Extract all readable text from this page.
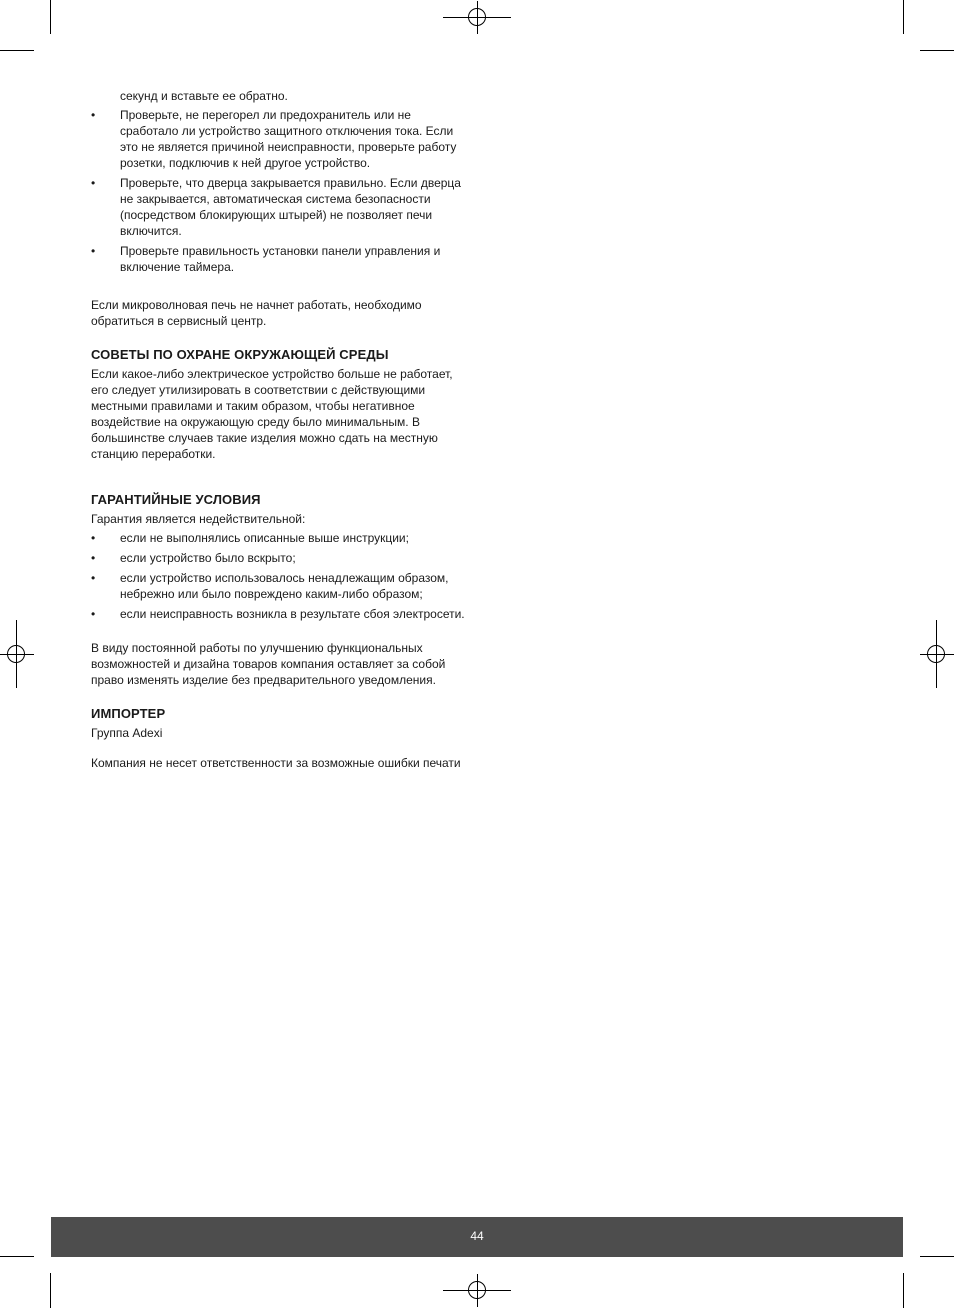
секунд и вставьте ее обратно.

•	Проверьте, не перегорел ли предохранитель или не сработало ли устройство защитного отключения тока. Если это не является причиной неисправности, проверьте работу розетки, подключив к ней другое устройство.
•	Проверьте, что дверца закрывается правильно. Если дверца не закрывается, автоматическая система безопасности (посредством блокирующих штырей) не позволяет печи включится.
•	Проверьте правильность установки панели управления и включение таймера.

Если микроволновая печь не начнет работать, необходимо обратиться в сервисный центр.

СОВЕТЫ ПО ОХРАНЕ ОКРУЖАЮЩЕЙ СРЕДЫ

Если какое-либо электрическое устройство больше не работает, его следует утилизировать в соответствии с действующими местными правилами и таким образом, чтобы негативное воздействие на окружающую среду было минимальным. В большинстве случаев такие изделия можно сдать на местную станцию переработки.

ГАРАНТИЙНЫЕ УСЛОВИЯ

Гарантия является недействительной:

•	если не выполнялись описанные выше инструкции;
•	если устройство было вскрыто;
•	если устройство использовалось ненадлежащим образом, небрежно или было повреждено каким-либо образом;
•	если неисправность возникла в результате сбоя электросети.

В виду постоянной работы по улучшению функциональных возможностей и дизайна товаров компания оставляет за собой право изменять изделие без предварительного уведомления.

ИМПОРТЕР

Группа Adexi

Компания не несет ответственности за возможные ошибки печати

44
